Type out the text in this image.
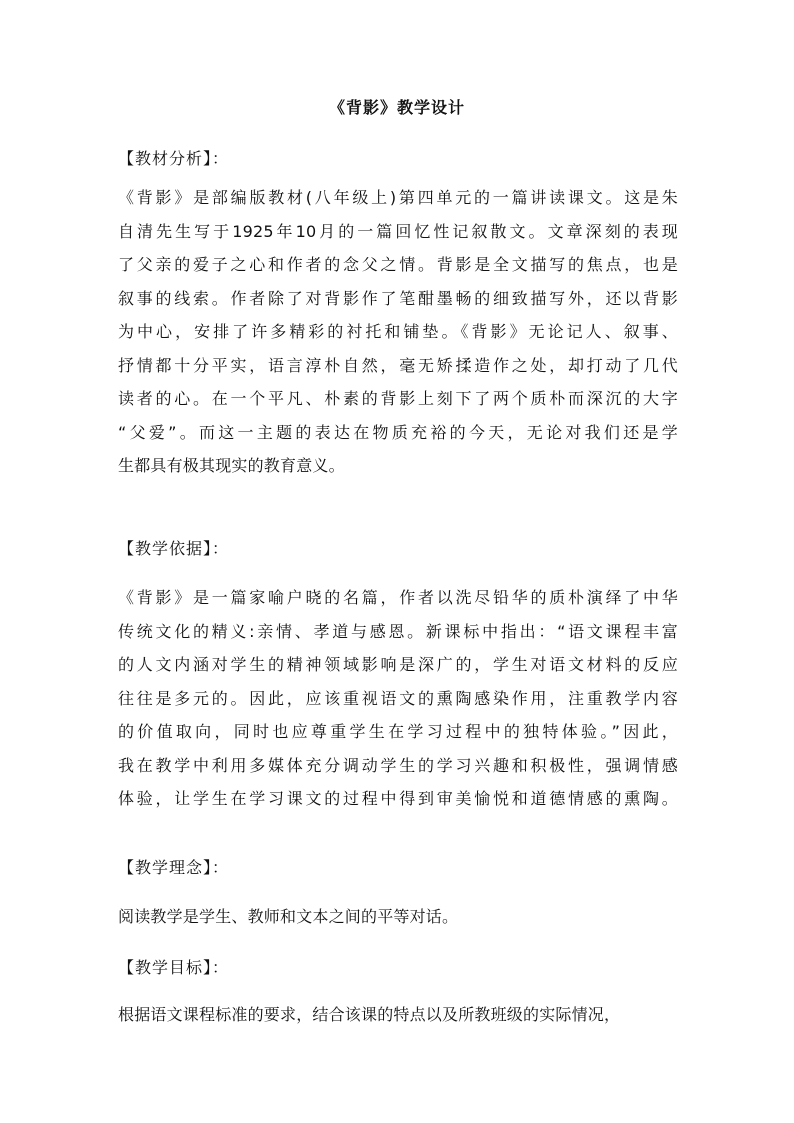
《背影》教学设计
【教材分析】：
《背影》是部编版教材(八年级上)第四单元的一篇讲读课文。这是朱
自清先生写于1925年10月的一篇回忆性记叙散文。文章深刻的表现
了父亲的爱子之心和作者的念父之情。背影是全文描写的焦点，也是
叙事的线索。作者除了对背影作了笔酣墨畅的细致描写外，还以背影
为中心，安排了许多精彩的衬托和铺垫。《背影》无论记人、叙事、
抒情都十分平实，语言淳朴自然，毫无矫揉造作之处，却打动了几代
读者的心。在一个平凡、朴素的背影上刻下了两个质朴而深沉的大字
“父爱”。而这一主题的表达在物质充裕的今天，无论对我们还是学
生都具有极其现实的教育意义。
【教学依据】：
《背影》是一篇家喻户晓的名篇，作者以洗尽铅华的质朴演绎了中华
传统文化的精义:亲情、孝道与感恩。新课标中指出：“语文课程丰富
的人文内涵对学生的精神领域影响是深广的，学生对语文材料的反应
往往是多元的。因此，应该重视语文的熏陶感染作用，注重教学内容
的价值取向，同时也应尊重学生在学习过程中的独特体验。”因此，
我在教学中利用多媒体充分调动学生的学习兴趣和积极性，强调情感
体验，让学生在学习课文的过程中得到审美愉悦和道德情感的熏陶。
【教学理念】：
阅读教学是学生、教师和文本之间的平等对话。
【教学目标】：
根据语文课程标准的要求，结合该课的特点以及所教班级的实际情况，
